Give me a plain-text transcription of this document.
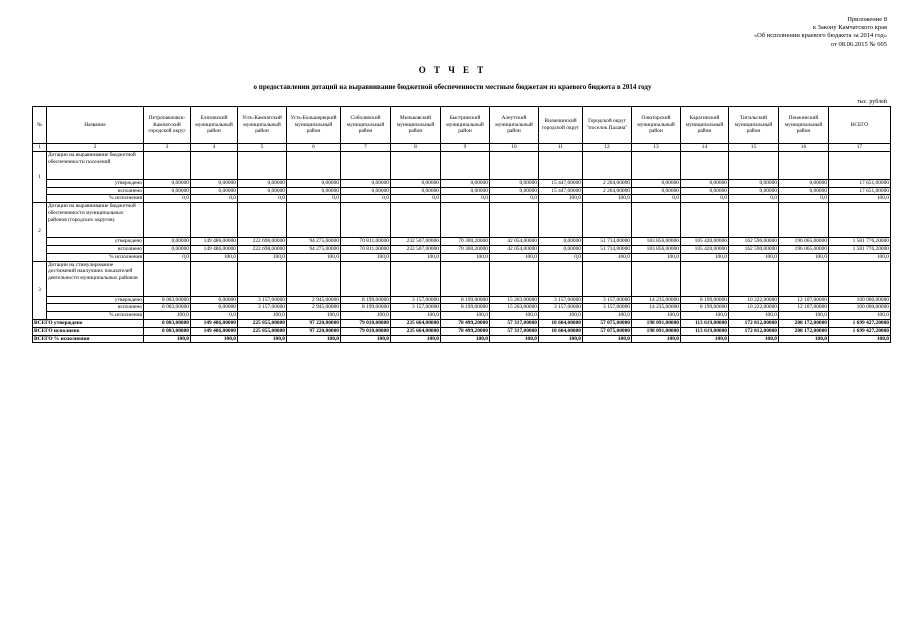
Приложение 8
к Закону Камчатского края
«Об исполнении краевого бюджета за 2014 год»
от 08.06.2015 № 605
О Т Ч Е Т
о предоставлении дотаций на выравнивание бюджетной обеспеченности местным бюджетам из краевого бюджета в 2014 году
тыс. рублей
№	Название	Петропавловск-Камчатский городской округ	Елизовский муниципальный район	Усть-Камчатский муниципальный район	Усть-Большерецкий муниципальный район	Соболевский муниципальный район	Мильковский муниципальный район	Быстринский муниципальный район	Алеутский муниципальный район	Вилючинский городской округ	Городской округ "поселок Палана"	Олюторский муниципальный район	Карагинский муниципальный район	Тигильский муниципальный район	Пенжинский муниципальный район	ВСЕГО
1	2	3	4	5	6	7	8	9	10	11	12	13	14	15	16	17
1	Дотации на выравнивание бюджетной обеспеченности поселений															
	утверждено	0,00000	0,00000	0,00000	0,00000	0,00000	0,00000	0,00000	0,00000	15 447,00000	2 204,00000	0,00000	0,00000	0,00000	0,00000	17 651,00000
	исполнено	0,00000	0,00000	0,00000	0,00000	0,00000	0,00000	0,00000	0,00000	15 447,00000	2 204,00000	0,00000	0,00000	0,00000	0,00000	17 651,00000
	% исполнения	0,0	0,0	0,0	0,0	0,0	0,0	0,0	0,0	100,0	100,0	0,0	0,0	0,0	0,0	100,0
2	Дотации на выравнивание бюджетной обеспеченности муниципальных районов (городских округов)															
	утверждено	0,00000	149 486,00000	222 698,00000	94 275,00000	70 811,00000	232 507,00000	70 300,20000	42 054,00000	0,00000	51 714,00000	183 856,00000	105 420,00000	162 590,00000	196 065,00000	1 581 776,20000
	исполнено	0,00000	149 486,00000	222 698,00000	94 275,00000	70 811,00000	232 507,00000	70 300,20000	42 054,00000	0,00000	51 714,00000	183 856,00000	105 420,00000	162 590,00000	196 065,00000	1 581 776,20000
	% исполнения	0,0	100,0	100,0	100,0	100,0	100,0	100,0	100,0	0,0	100,0	100,0	100,0	100,0	100,0	100,0
3	Дотации на стимулирование достижений наилучших показателей деятельности муниципальных районов															
	утверждено	8 003,00000	0,00000	3 157,00000	2 945,00000	8 199,00000	3 157,00000	8 199,00000	15 263,00000	3 157,00000	3 157,00000	14 235,00000	8 199,00000	10 222,00000	12 107,00000	100 000,00000
	исполнено	8 003,00000	0,00000	3 157,00000	2 945,00000	8 199,00000	3 157,00000	8 199,00000	15 263,00000	3 157,00000	3 157,00000	14 235,00000	8 199,00000	10 222,00000	12 107,00000	100 000,00000
	% исполнения	100,0	0,0	100,0	100,0	100,0	100,0	100,0	100,0	100,0	100,0	100,0	100,0	100,0	100,0	100,0
ВСЕГО утверждено		8 003,00000	149 486,00000	225 855,00000	97 220,00000	79 010,00000	235 664,00000	78 499,20000	57 317,00000	18 604,00000	57 075,00000	198 091,00000	113 619,00000	172 812,00000	208 172,00000	1 699 427,20000
ВСЕГО исполнено		8 003,00000	149 486,00000	225 855,00000	97 220,00000	79 010,00000	235 664,00000	78 499,20000	57 317,00000	18 604,00000	57 075,00000	198 091,00000	113 619,00000	172 812,00000	208 172,00000	1 699 427,20000
ВСЕГО % исполнения		100,0	100,0	100,0	100,0	100,0	100,0	100,0	100,0	100,0	100,0	100,0	100,0	100,0	100,0	100,0
